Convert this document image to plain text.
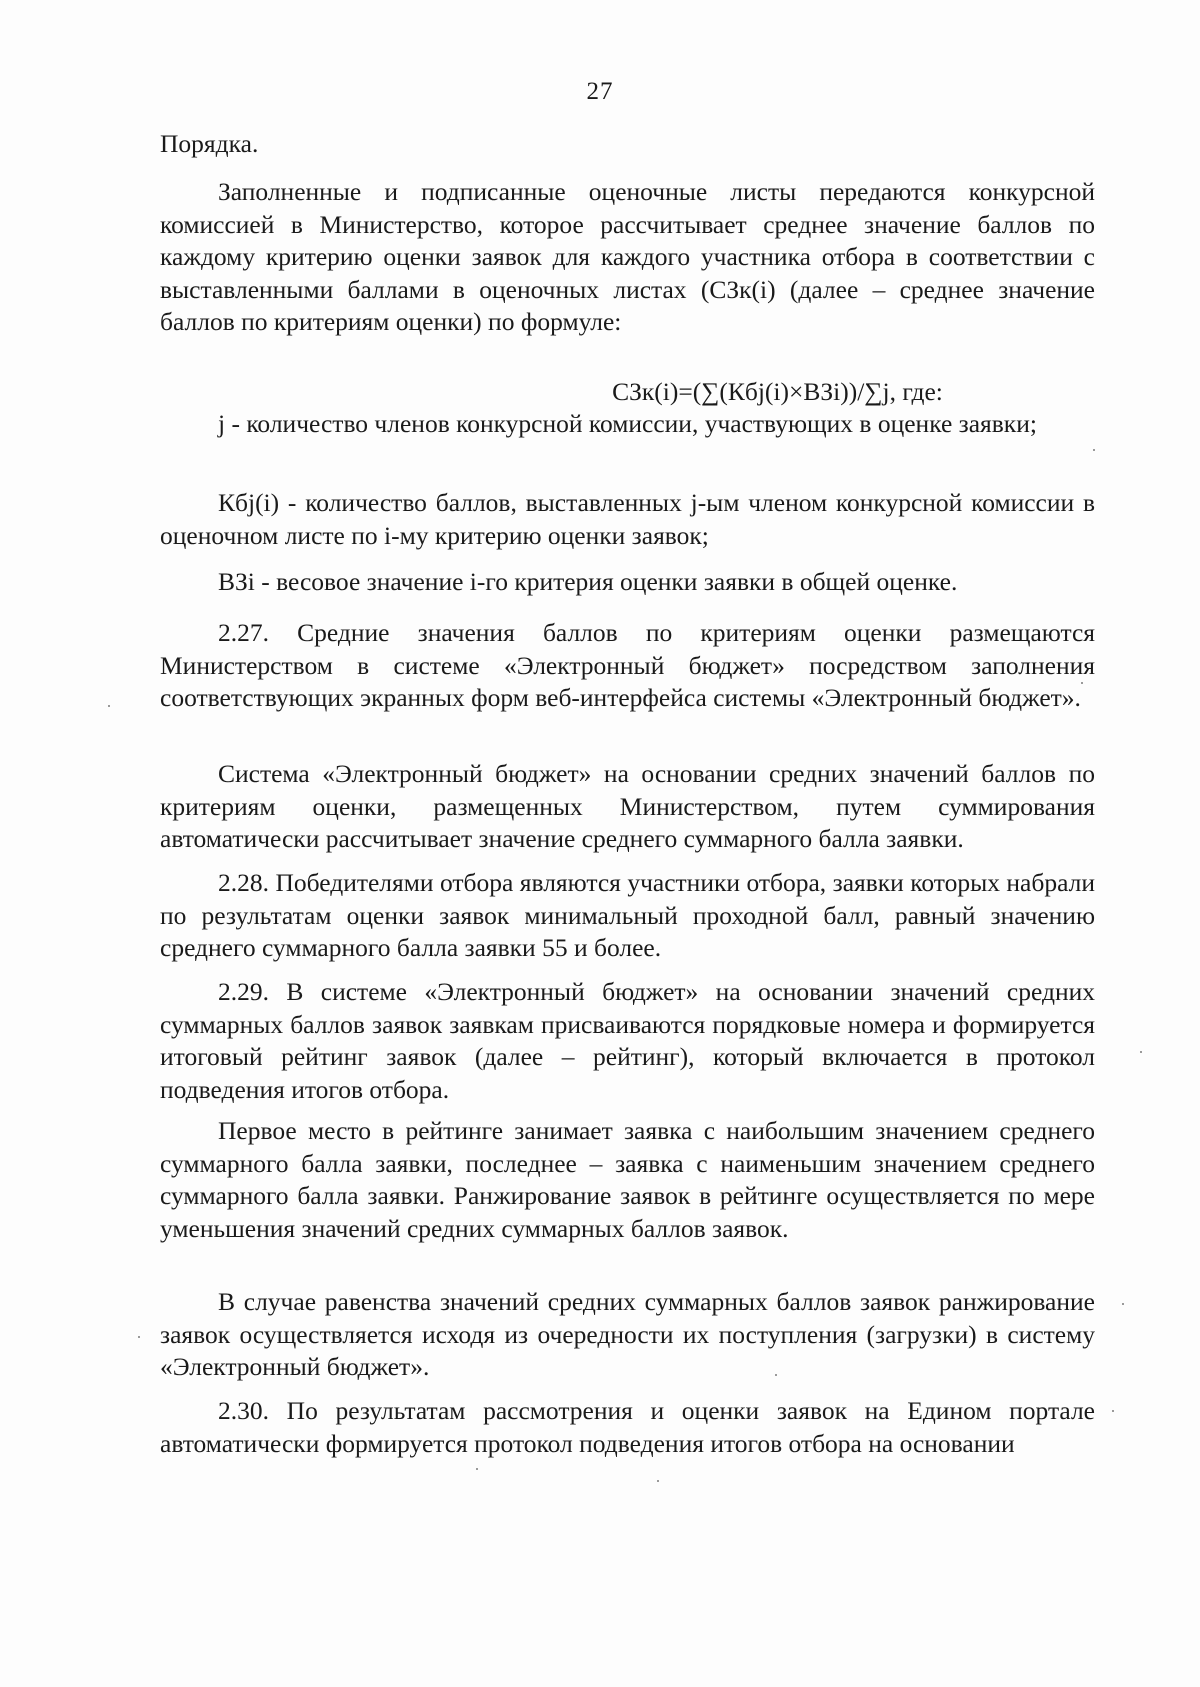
27

Порядка.

Заполненные и подписанные оценочные листы передаются конкурсной комиссией в Министерство, которое рассчитывает среднее значение баллов по каждому критерию оценки заявок для каждого участника отбора в соответствии с выставленными баллами в оценочных листах (СЗк(i) (далее – среднее значение баллов по критериям оценки) по формуле:

СЗк(i)=(∑(Кбj(i)×ВЗi))/∑j, где:

j - количество членов конкурсной комиссии, участвующих в оценке заявки;

Кбj(i) - количество баллов, выставленных j-ым членом конкурсной комиссии в оценочном листе по i-му критерию оценки заявок;

ВЗi - весовое значение i-го критерия оценки заявки в общей оценке.

2.27. Средние значения баллов по критериям оценки размещаются Министерством в системе «Электронный бюджет» посредством заполнения соответствующих экранных форм веб-интерфейса системы «Электронный бюджет».

Система «Электронный бюджет» на основании средних значений баллов по критериям оценки, размещенных Министерством, путем суммирования автоматически рассчитывает значение среднего суммарного балла заявки.

2.28. Победителями отбора являются участники отбора, заявки которых набрали по результатам оценки заявок минимальный проходной балл, равный значению среднего суммарного балла заявки 55 и более.

2.29. В системе «Электронный бюджет» на основании значений средних суммарных баллов заявок заявкам присваиваются порядковые номера и формируется итоговый рейтинг заявок (далее – рейтинг), который включается в протокол подведения итогов отбора.

Первое место в рейтинге занимает заявка с наибольшим значением среднего суммарного балла заявки, последнее – заявка с наименьшим значением среднего суммарного балла заявки. Ранжирование заявок в рейтинге осуществляется по мере уменьшения значений средних суммарных баллов заявок.

В случае равенства значений средних суммарных баллов заявок ранжирование заявок осуществляется исходя из очередности их поступления (загрузки) в систему «Электронный бюджет».

2.30. По результатам рассмотрения и оценки заявок на Едином портале автоматически формируется протокол подведения итогов отбора на основании
